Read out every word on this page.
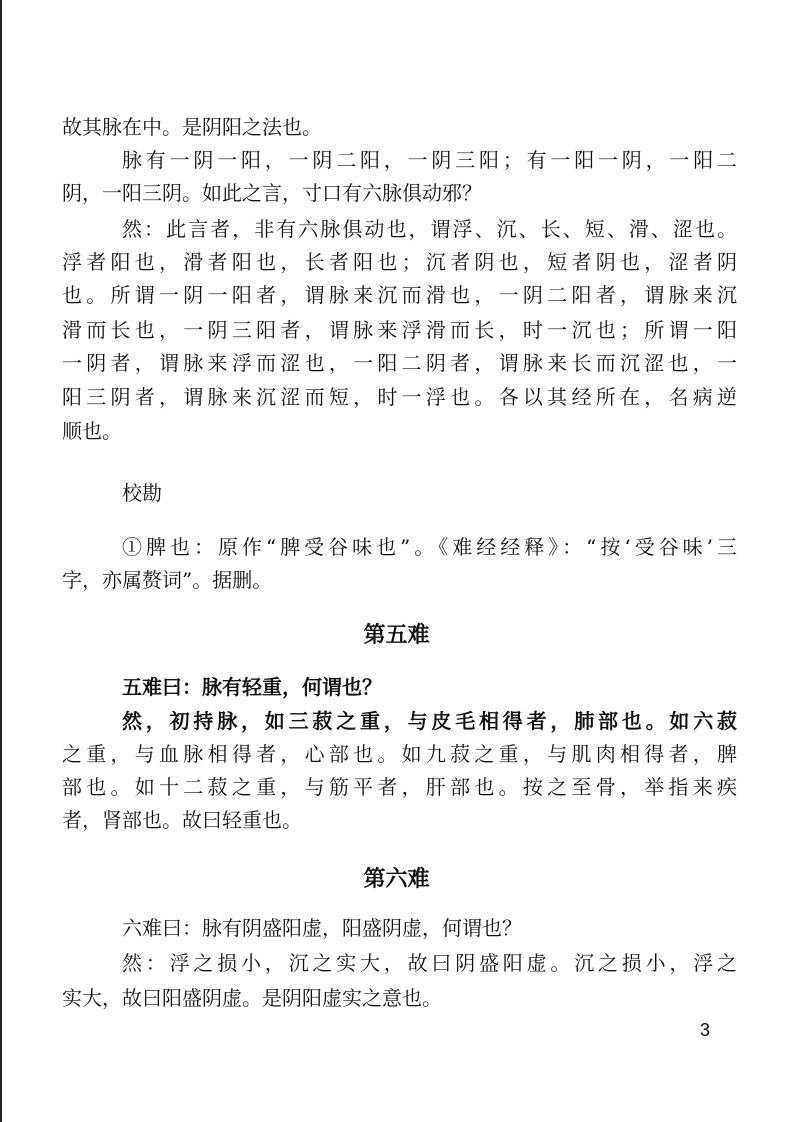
故其脉在中。是阴阳之法也。
脉有一阴一阳，一阴二阳，一阴三阳；有一阳一阴，一阳二
阴，一阳三阴。如此之言，寸口有六脉俱动邪？
然：此言者，非有六脉俱动也，谓浮、沉、长、短、滑、涩也。
浮者阳也，滑者阳也，长者阳也；沉者阴也，短者阴也，涩者阴
也。所谓一阴一阳者，谓脉来沉而滑也，一阴二阳者，谓脉来沉
滑而长也，一阴三阳者，谓脉来浮滑而长，时一沉也；所谓一阳
一阴者，谓脉来浮而涩也，一阳二阴者，谓脉来长而沉涩也，一
阳三阴者，谓脉来沉涩而短，时一浮也。各以其经所在，名病逆
顺也。
校勘
①脾也：原作“脾受谷味也”。《难经经释》：“按‘受谷味’三
字，亦属赘词”。据删。
第五难
五难曰：脉有轻重，何谓也？
然，初持脉，如三菽之重，与皮毛相得者，肺部也。如六菽
之重，与血脉相得者，心部也。如九菽之重，与肌肉相得者，脾
部也。如十二菽之重，与筋平者，肝部也。按之至骨，举指来疾
者，肾部也。故曰轻重也。
第六难
六难曰：脉有阴盛阳虚，阳盛阴虚，何谓也？
然：浮之损小，沉之实大，故曰阴盛阳虚。沉之损小，浮之
实大，故曰阳盛阴虚。是阴阳虚实之意也。
3
